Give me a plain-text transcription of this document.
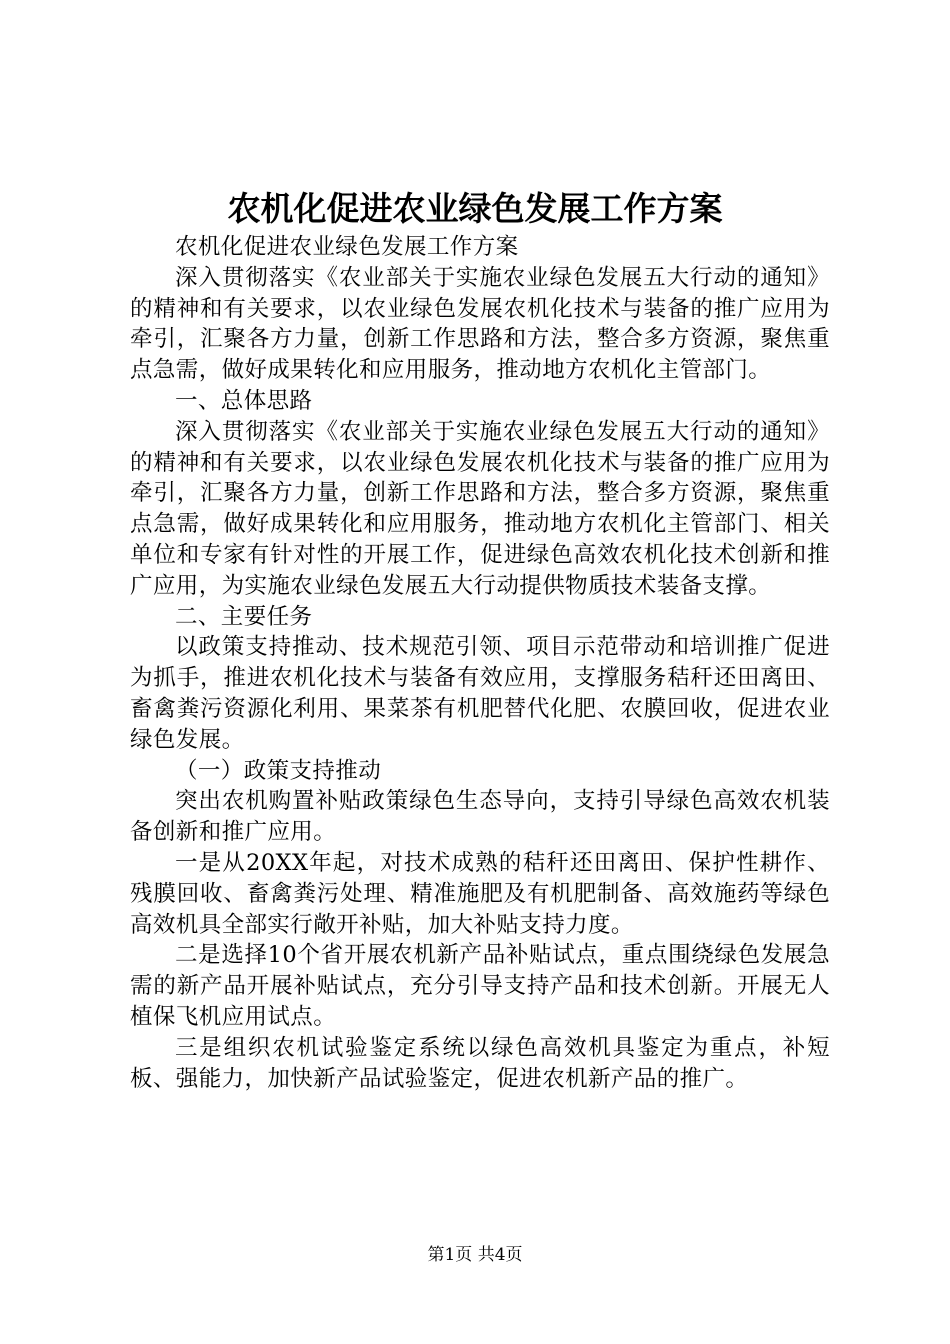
农机化促进农业绿色发展工作方案

农机化促进农业绿色发展工作方案

深入贯彻落实《农业部关于实施农业绿色发展五大行动的通知》的精神和有关要求，以农业绿色发展农机化技术与装备的推广应用为牵引，汇聚各方力量，创新工作思路和方法，整合多方资源，聚焦重点急需，做好成果转化和应用服务，推动地方农机化主管部门。

一、总体思路

深入贯彻落实《农业部关于实施农业绿色发展五大行动的通知》的精神和有关要求，以农业绿色发展农机化技术与装备的推广应用为牵引，汇聚各方力量，创新工作思路和方法，整合多方资源，聚焦重点急需，做好成果转化和应用服务，推动地方农机化主管部门、相关单位和专家有针对性的开展工作，促进绿色高效农机化技术创新和推广应用，为实施农业绿色发展五大行动提供物质技术装备支撑。

二、主要任务

以政策支持推动、技术规范引领、项目示范带动和培训推广促进为抓手，推进农机化技术与装备有效应用，支撑服务秸秆还田离田、畜禽粪污资源化利用、果菜茶有机肥替代化肥、农膜回收，促进农业绿色发展。

（一）政策支持推动

突出农机购置补贴政策绿色生态导向，支持引导绿色高效农机装备创新和推广应用。

一是从20XX年起，对技术成熟的秸秆还田离田、保护性耕作、残膜回收、畜禽粪污处理、精准施肥及有机肥制备、高效施药等绿色高效机具全部实行敞开补贴，加大补贴支持力度。

二是选择10个省开展农机新产品补贴试点，重点围绕绿色发展急需的新产品开展补贴试点，充分引导支持产品和技术创新。开展无人植保飞机应用试点。

三是组织农机试验鉴定系统以绿色高效机具鉴定为重点，补短板、强能力，加快新产品试验鉴定，促进农机新产品的推广。

第1页 共4页
